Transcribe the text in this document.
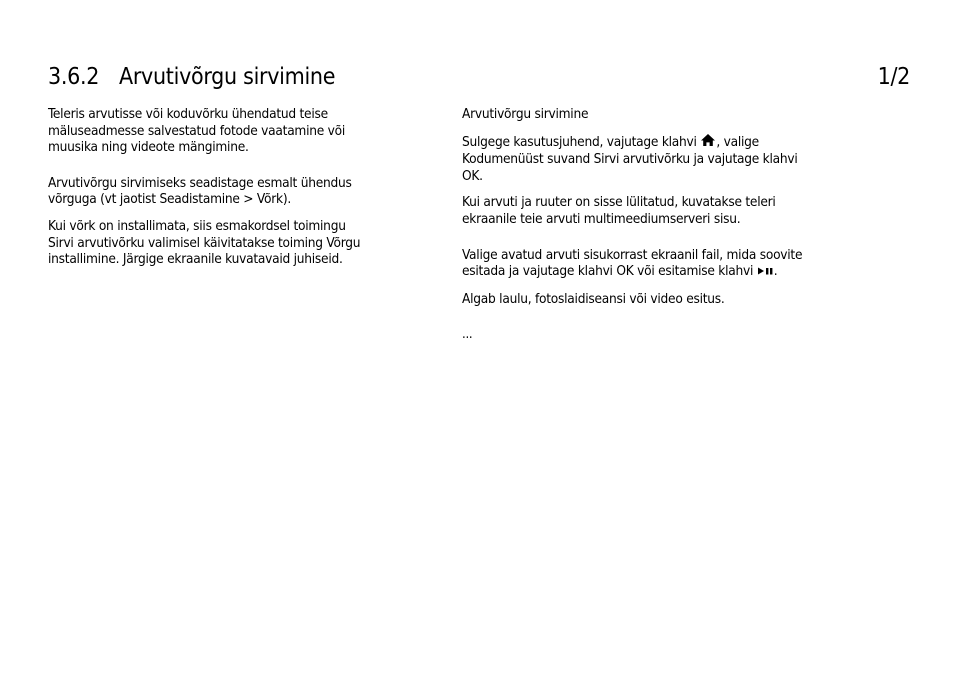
3.6.2 Arvutivõrgu sirvimine	1/2

Teleris arvutisse või koduvõrku ühendatud teise
mäluseadmesse salvestatud fotode vaatamine või
muusika ning videote mängimine.

Arvutivõrgu sirvimiseks seadistage esmalt ühendus
võrguga (vt jaotist Seadistamine > Võrk).

Kui võrk on installimata, siis esmakordsel toimingu
Sirvi arvutivõrku valimisel käivitatakse toiming Võrgu
installimine. Järgige ekraanile kuvatavaid juhiseid.

Arvutivõrgu sirvimine

Sulgege kasutusjuhend, vajutage klahvi , valige
Kodumenüüst suvand Sirvi arvutivõrku ja vajutage klahvi
OK.

Kui arvuti ja ruuter on sisse lülitatud, kuvatakse teleri
ekraanile teie arvuti multimeediumserveri sisu.

Valige avatud arvuti sisukorrast ekraanil fail, mida soovite
esitada ja vajutage klahvi OK või esitamise klahvi .

Algab laulu, fotoslaidiseansi või video esitus.

...
